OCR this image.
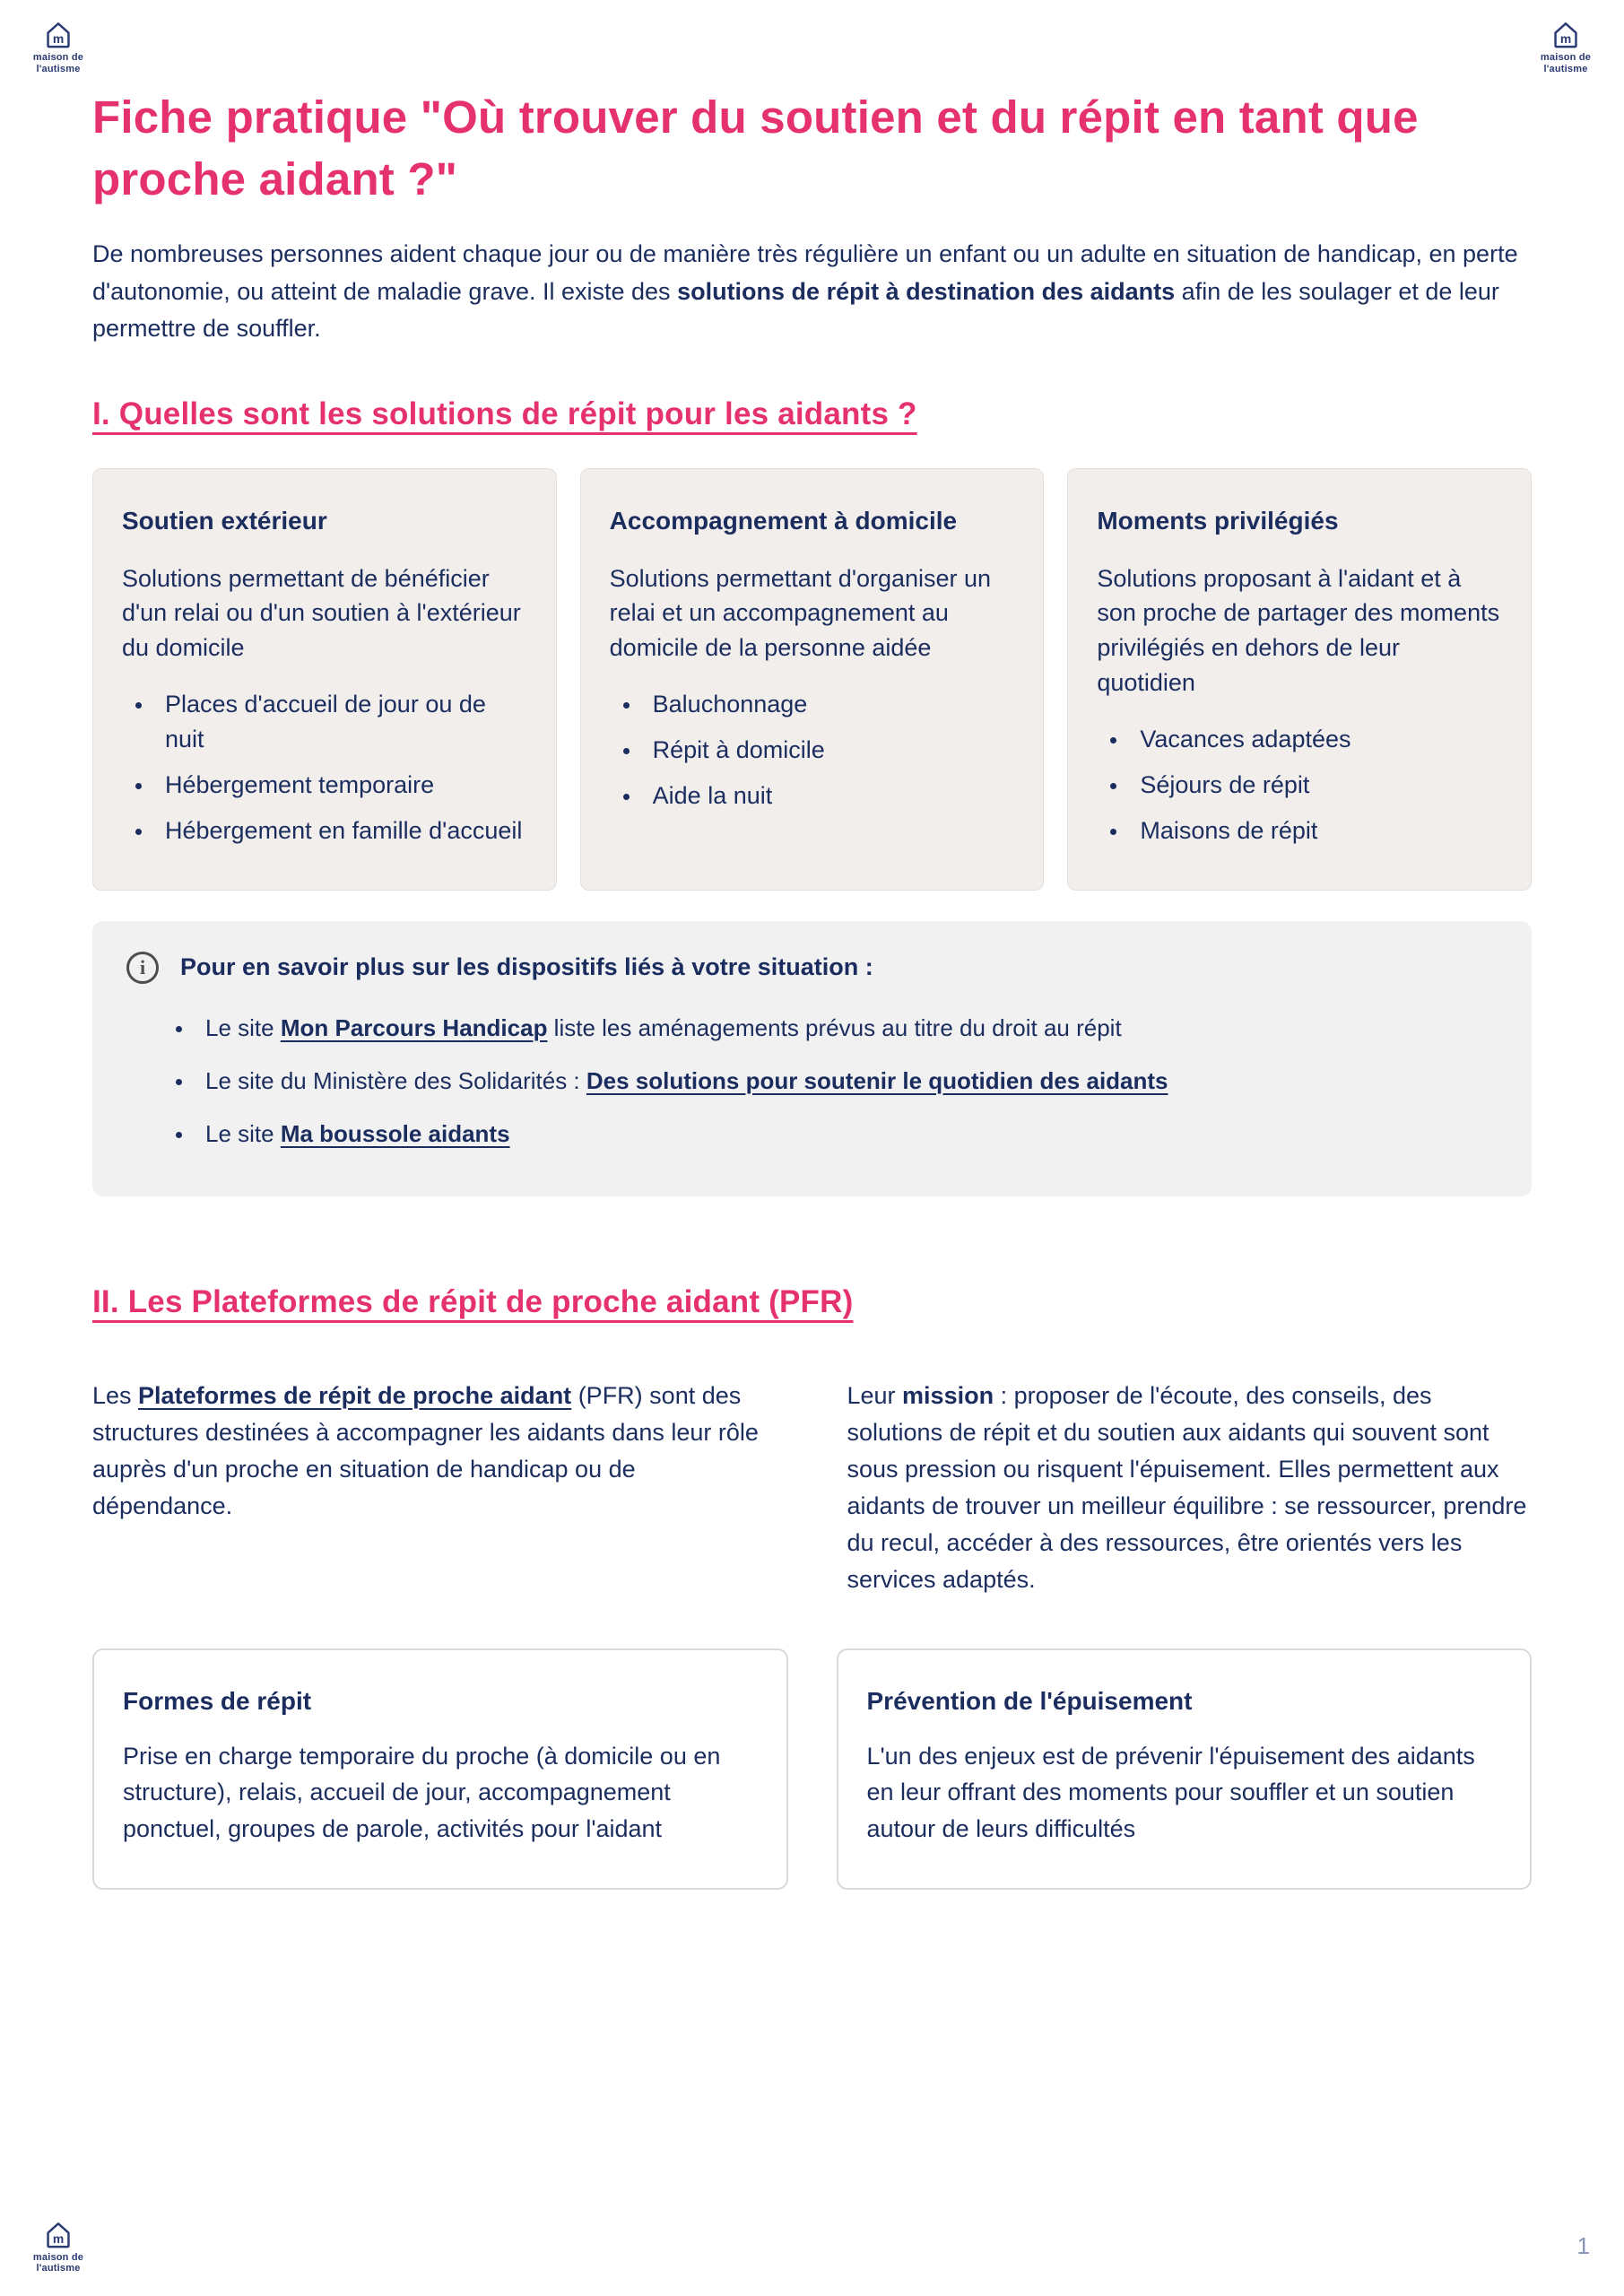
m
maison de
l'autisme
m
maison de
l'autisme
Fiche pratique "Où trouver du soutien et du répit en tant que proche aidant ?"

De nombreuses personnes aident chaque jour ou de manière très régulière un enfant ou un adulte en situation de handicap, en perte d'autonomie, ou atteint de maladie grave. Il existe des solutions de répit à destination des aidants afin de les soulager et de leur permettre de souffler.

I. Quelles sont les solutions de répit pour les aidants ?
Soutien extérieur

Solutions permettant de bénéficier d'un relai ou d'un soutien à l'extérieur du domicile

• Places d'accueil de jour ou de nuit
• Hébergement temporaire
• Hébergement en famille d'accueil
Accompagnement à domicile

Solutions permettant d'organiser un relai et un accompagnement au domicile de la personne aidée

• Baluchonnage
• Répit à domicile
• Aide la nuit
Moments privilégiés

Solutions proposant à l'aidant et à son proche de partager des moments privilégiés en dehors de leur quotidien

• Vacances adaptées
• Séjours de répit
• Maisons de répit
i	Pour en savoir plus sur les dispositifs liés à votre situation :
• Le site Mon Parcours Handicap liste les aménagements prévus au titre du droit au répit
• Le site du Ministère des Solidarités : Des solutions pour soutenir le quotidien des aidants
• Le site Ma boussole aidants
II. Les Plateformes de répit de proche aidant (PFR)

Les Plateformes de répit de proche aidant (PFR) sont des structures destinées à accompagner les aidants dans leur rôle auprès d'un proche en situation de handicap ou de dépendance.

Leur mission : proposer de l'écoute, des conseils, des solutions de répit et du soutien aux aidants qui souvent sont sous pression ou risquent l'épuisement. Elles permettent aux aidants de trouver un meilleur équilibre : se ressourcer, prendre du recul, accéder à des ressources, être orientés vers les services adaptés.

Formes de répit

Prise en charge temporaire du proche (à domicile ou en structure), relais, accueil de jour, accompagnement ponctuel, groupes de parole, activités pour l'aidant

Prévention de l'épuisement

L'un des enjeux est de prévenir l'épuisement des aidants en leur offrant des moments pour souffler et un soutien autour de leurs difficultés

m
maison de
l'autisme
1
